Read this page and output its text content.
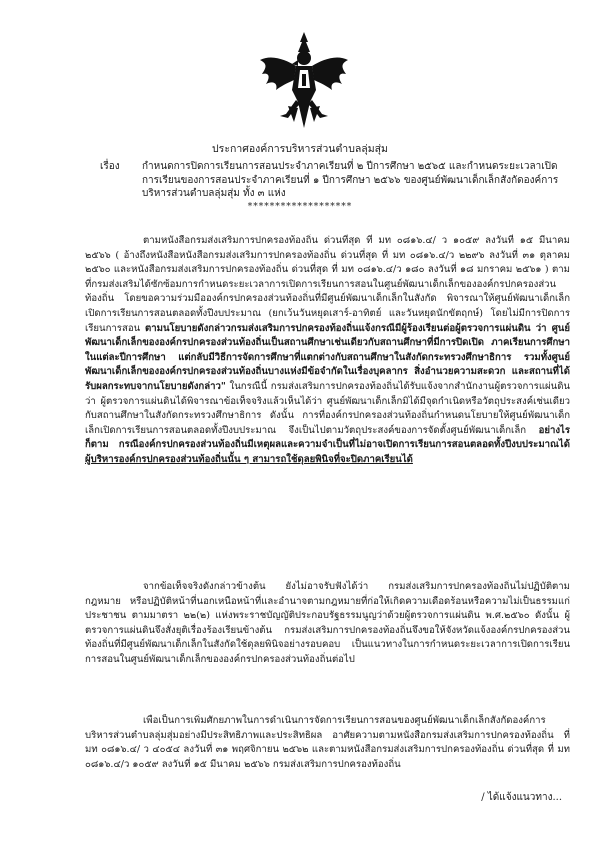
ประกาศองค์การบริหารส่วนตำบลลุ่มสุ่ม
เรื่อง กำหนดการปิดการเรียนการสอนประจำภาคเรียนที่ ๒ ปีการศึกษา ๒๕๖๕ และกำหนดระยะเวลาเปิดการเรียนของการสอนประจำภาคเรียนที่ ๑ ปีการศึกษา ๒๕๖๖ ของศูนย์พัฒนาเด็กเล็กสังกัดองค์การบริหารส่วนตำบลลุ่มสุ่ม ทั้ง ๓ แห่ง
*******************

ตามหนังสือกรมส่งเสริมการปกครองท้องถิ่น ด่วนที่สุด ที่ มท ๐๘๑๖.๔/ ว ๑๐๕๙ ลงวันที่ ๑๕ มีนาคม ๒๕๖๖ ( อ้างถึงหนังสือหนังสือกรมส่งเสริมการปกครองท้องถิ่น ด่วนที่สุด ที่ มท ๐๘๑๖.๔/ว ๒๒๙๖ ลงวันที่ ๓๑ ตุลาคม ๒๕๖๐ และหนังสือกรมส่งเสริมการปกครองท้องถิ่น ด่วนที่สุด ที่ มท ๐๘๑๖.๔/ว ๑๘๐ ลงวันที่ ๑๘ มกราคม ๒๕๖๑ ) ตามที่กรมส่งเสริมได้ซักซ้อมการกำหนดระยะเวลาการเปิดการเรียนการสอนในศูนย์พัฒนาเด็กเล็กขององค์กรปกครองส่วนท้องถิ่น โดยขอความร่วมมือองค์กรปกครองส่วนท้องถิ่นที่มีศูนย์พัฒนาเด็กเล็กในสังกัด พิจารณาให้ศูนย์พัฒนาเด็กเล็กเปิดการเรียนการสอนตลอดทั้งปีงบประมาณ (ยกเว้นวันหยุดเสาร์-อาทิตย์ และวันหยุดนักขัตฤกษ์) โดยไม่มีการปิดการเรียนการสอน ตามนโยบายดังกล่าวกรมส่งเสริมการปกครองท้องถิ่นแจ้งกรณีมีผู้ร้องเรียนต่อผู้ตรวจการแผ่นดิน ว่า ศูนย์พัฒนาเด็กเล็กขององค์กรปกครองส่วนท้องถิ่นเป็นสถานศึกษาเช่นเดียวกับสถานศึกษาที่มีการปิดเปิด ภาคเรียนการศึกษาในแต่ละปีการศึกษา แต่กลับมีวิธีการจัดการศึกษาที่แตกต่างกับสถานศึกษาในสังกัดกระทรวงศึกษาธิการ รวมทั้งศูนย์พัฒนาเด็กเล็กขององค์กรปกครองส่วนท้องถิ่นบางแห่งมีข้อจำกัดในเรื่องบุคลากร สิ่งอำนวยความสะดวก และสถานที่ได้รับผลกระทบจากนโยบายดังกล่าว" ในกรณีนี้ กรมส่งเสริมการปกครองท้องถิ่นได้รับแจ้งจากสำนักงานผู้ตรวจการแผ่นดิน ว่า ผู้ตรวจการแผ่นดินได้พิจารณาข้อเท็จจริงแล้วเห็นได้ว่า ศูนย์พัฒนาเด็กเล็กมิได้มีจุดกำเนิดหรือวัตถุประสงค์เช่นเดียวกับสถานศึกษาในสังกัดกระทรวงศึกษาธิการ ดังนั้น การที่องค์กรปกครองส่วนท้องถิ่นกำหนดนโยบายให้ศูนย์พัฒนาเด็กเล็กเปิดการเรียนการสอนตลอดทั้งปีงบประมาณ จึงเป็นไปตามวัตถุประสงค์ของการจัดตั้งศูนย์พัฒนาเด็กเล็ก อย่างไรก็ตาม กรณีองค์กรปกครองส่วนท้องถิ่นมีเหตุผลและความจำเป็นที่ไม่อาจเปิดการเรียนการสอนตลอดทั้งปีงบประมาณได้ ผู้บริหารองค์กรปกครองส่วนท้องถิ่นนั้น ๆ สามารถใช้ดุลยพินิจที่จะปิดภาคเรียนได้

จากข้อเท็จจริงดังกล่าวข้างต้น ยังไม่อาจรับฟังได้ว่า กรมส่งเสริมการปกครองท้องถิ่นไม่ปฏิบัติตามกฎหมาย หรือปฏิบัติหน้าที่นอกเหนือหน้าที่และอำนาจตามกฎหมายที่ก่อให้เกิดความเดือดร้อนหรือความไม่เป็นธรรมแก่ประชาชน ตามมาตรา ๒๒(๒) แห่งพระราชบัญญัติประกอบรัฐธรรมนูญว่าด้วยผู้ตรวจการแผ่นดิน พ.ศ.๒๕๖๐ ดังนั้น ผู้ตรวจการแผ่นดินจึงสั่งยุติเรื่องร้องเรียนข้างต้น กรมส่งเสริมการปกครองท้องถิ่นจึงขอให้จังหวัดแจ้งองค์กรปกครองส่วนท้องถิ่นที่มีศูนย์พัฒนาเด็กเล็กในสังกัดใช้ดุลยพินิจอย่างรอบคอบ เป็นแนวทางในการกำหนดระยะเวลาการเปิดการเรียนการสอนในศูนย์พัฒนาเด็กเล็กขององค์กรปกครองส่วนท้องถิ่นต่อไป

เพื่อเป็นการเพิ่มศักยภาพในการดำเนินการจัดการเรียนการสอนของศูนย์พัฒนาเด็กเล็กสังกัดองค์การบริหารส่วนตำบลลุ่มสุ่มอย่างมีประสิทธิภาพและประสิทธิผล อาศัยความตามหนังสือกรมส่งเสริมการปกครองท้องถิ่น ที่ มท ๐๘๑๖.๔/ ว ๔๐๕๔ ลงวันที่ ๓๑ พฤศจิกายน ๒๕๖๒ และตามหนังสือกรมส่งเสริมการปกครองท้องถิ่น ด่วนที่สุด ที่ มท ๐๘๑๖.๔/ว ๑๐๕๙ ลงวันที่ ๑๕ มีนาคม ๒๕๖๖ กรมส่งเสริมการปกครองท้องถิ่น

/ ได้แจ้งแนวทาง...
